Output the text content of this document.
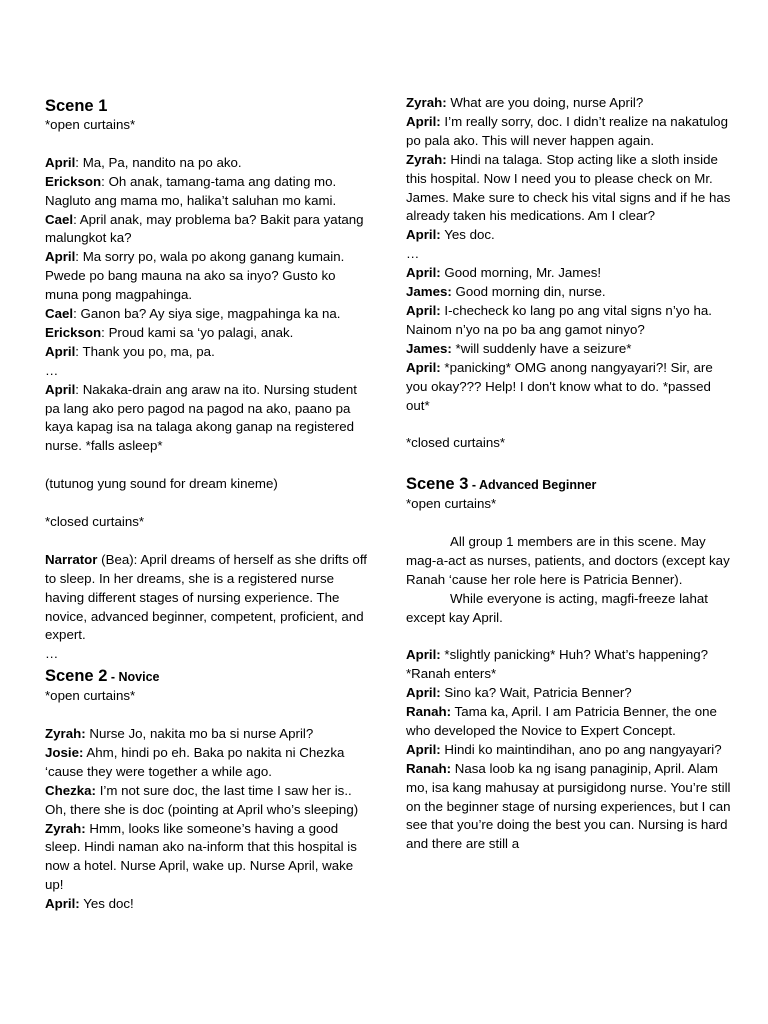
Scene 1

*open curtains*

April: Ma, Pa, nandito na po ako.

Erickson: Oh anak, tamang-tama ang dating mo. Nagluto ang mama mo, halika’t saluhan mo kami.

Cael: April anak, may problema ba? Bakit para yatang malungkot ka?

April: Ma sorry po, wala po akong ganang kumain. Pwede po bang mauna na ako sa inyo? Gusto ko muna pong magpahinga.

Cael: Ganon ba? Ay siya sige, magpahinga ka na.

Erickson: Proud kami sa ‘yo palagi, anak.

April: Thank you po, ma, pa.

…

April: Nakaka-drain ang araw na ito. Nursing student pa lang ako pero pagod na pagod na ako, paano pa kaya kapag isa na talaga akong ganap na registered nurse. *falls asleep*

(tutunog yung sound for dream kineme)

*closed curtains*

Narrator (Bea): April dreams of herself as she drifts off to sleep. In her dreams, she is a registered nurse having different stages of nursing experience. The novice, advanced beginner, competent, proficient, and expert.

…

Scene 2 - Novice

*open curtains*

Zyrah: Nurse Jo, nakita mo ba si nurse April?

Josie: Ahm, hindi po eh. Baka po nakita ni Chezka ‘cause they were together a while ago.

Chezka: I’m not sure doc, the last time I saw her is.. Oh, there she is doc (pointing at April who’s sleeping)

Zyrah: Hmm, looks like someone’s having a good sleep. Hindi naman ako na-inform that this hospital is now a hotel. Nurse April, wake up. Nurse April, wake up!

April: Yes doc!

Zyrah: What are you doing, nurse April?

April: I’m really sorry, doc. I didn’t realize na nakatulog po pala ako. This will never happen again.

Zyrah: Hindi na talaga. Stop acting like a sloth inside this hospital. Now I need you to please check on Mr. James. Make sure to check his vital signs and if he has already taken his medications. Am I clear?

April: Yes doc.

…

April: Good morning, Mr. James!

James: Good morning din, nurse.

April: I-checheck ko lang po ang vital signs n’yo ha. Nainom n’yo na po ba ang gamot ninyo?

James: *will suddenly have a seizure*

April: *panicking* OMG anong nangyayari?! Sir, are you okay??? Help! I don't know what to do. *passed out*

*closed curtains*

Scene 3 - Advanced Beginner

*open curtains*

All group 1 members are in this scene. May mag-a-act as nurses, patients, and doctors (except kay Ranah ‘cause her role here is Patricia Benner).

While everyone is acting, magfi-freeze lahat except kay April.

April: *slightly panicking* Huh? What’s happening?

*Ranah enters*

April: Sino ka? Wait, Patricia Benner?

Ranah: Tama ka, April. I am Patricia Benner, the one who developed the Novice to Expert Concept.

April: Hindi ko maintindihan, ano po ang nangyayari?

Ranah: Nasa loob ka ng isang panaginip, April. Alam mo, isa kang mahusay at pursigidong nurse. You’re still on the beginner stage of nursing experiences, but I can see that you’re doing the best you can. Nursing is hard and there are still a
